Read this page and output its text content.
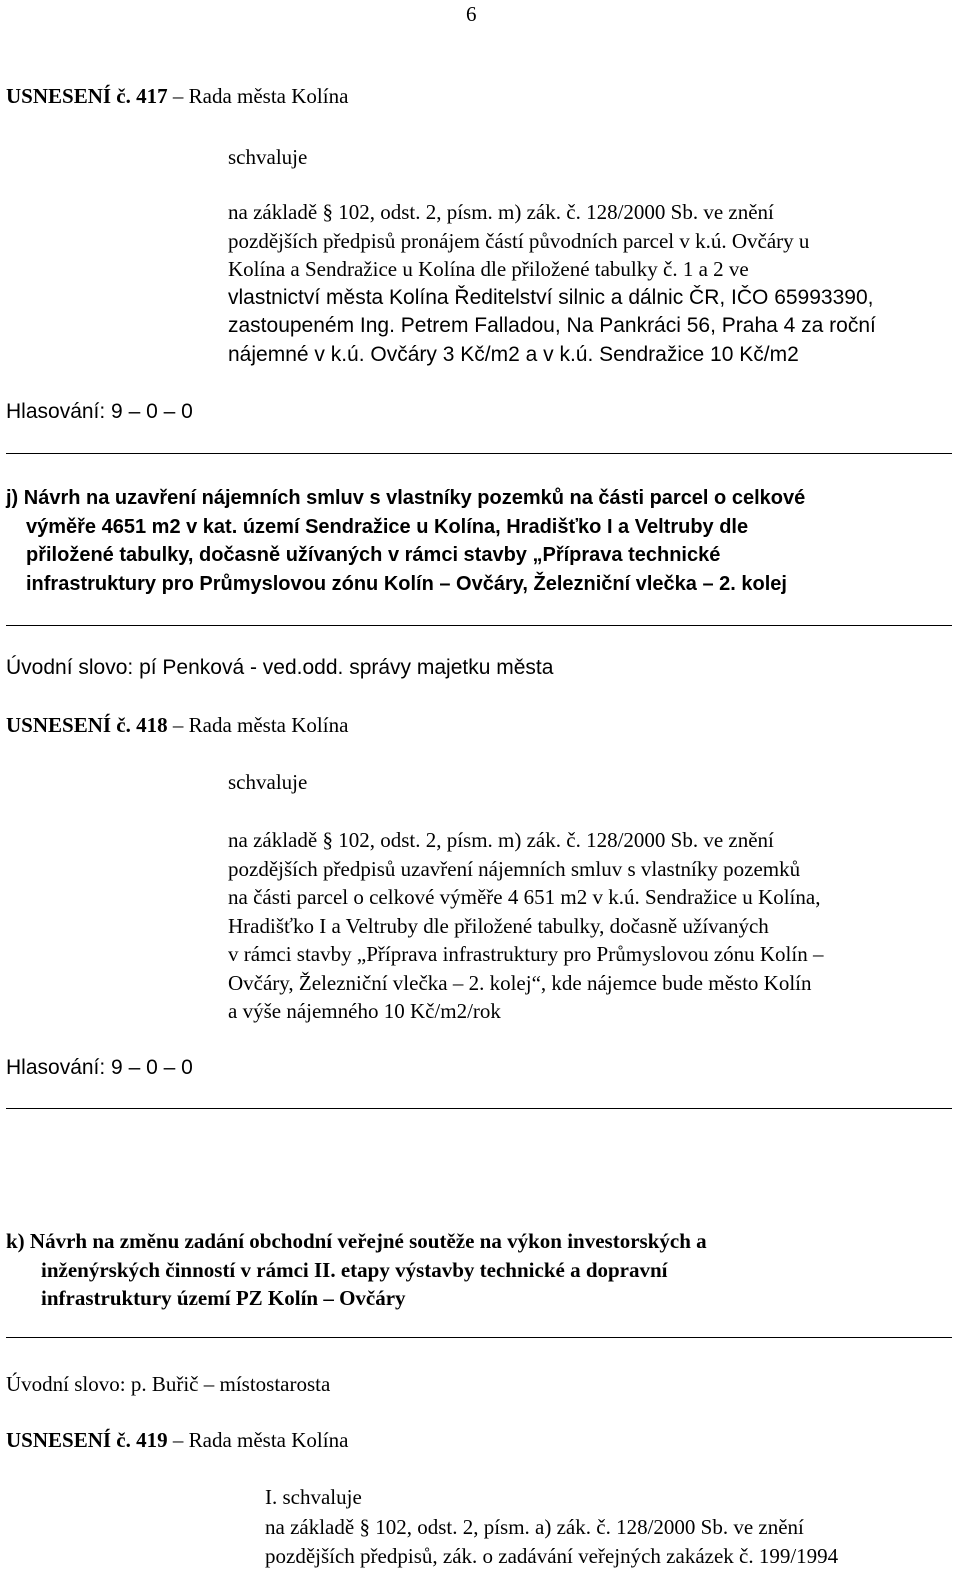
6
USNESENÍ č. 417 – Rada města Kolína
schvaluje
na základě § 102, odst. 2, písm. m) zák. č. 128/2000 Sb. ve znění
pozdějších předpisů pronájem částí původních parcel v k.ú. Ovčáry u
Kolína a Sendražice u Kolína dle přiložené tabulky č. 1 a 2 ve
vlastnictví města Kolína Ředitelství silnic a dálnic ČR, IČO 65993390,
zastoupeném Ing. Petrem Falladou, Na Pankráci 56, Praha 4 za roční
nájemné v k.ú. Ovčáry 3 Kč/m2 a v k.ú. Sendražice 10 Kč/m2
Hlasování: 9 – 0 – 0
j) Návrh na uzavření nájemních smluv s vlastníky pozemků na části parcel o celkové
výměře 4651 m2 v kat. území Sendražice u Kolína, Hradišťko I a Veltruby dle
přiložené tabulky, dočasně užívaných v rámci stavby „Příprava technické
infrastruktury pro Průmyslovou zónu Kolín – Ovčáry, Železniční vlečka – 2. kolej
Úvodní slovo: pí Penková - ved.odd. správy majetku města
USNESENÍ č. 418 – Rada města Kolína
schvaluje
na základě § 102, odst. 2, písm. m) zák. č. 128/2000 Sb. ve znění
pozdějších předpisů uzavření nájemních smluv s vlastníky pozemků
na části parcel o celkové výměře 4 651 m2 v k.ú. Sendražice u Kolína,
Hradišťko I a Veltruby dle přiložené tabulky, dočasně užívaných
v rámci stavby „Příprava infrastruktury pro Průmyslovou zónu Kolín –
Ovčáry, Železniční vlečka – 2. kolej“, kde nájemce bude město Kolín
a výše nájemného 10 Kč/m2/rok
Hlasování: 9 – 0 – 0
k) Návrh na změnu zadání obchodní veřejné soutěže na výkon investorských a
inženýrských činností v rámci II. etapy výstavby technické a dopravní
infrastruktury území PZ Kolín – Ovčáry
Úvodní slovo: p. Buřič – místostarosta
USNESENÍ č. 419 – Rada města Kolína
I. schvaluje
na základě § 102, odst. 2, písm. a) zák. č. 128/2000 Sb. ve znění
pozdějších předpisů, zák. o zadávání veřejných zakázek č. 199/1994
